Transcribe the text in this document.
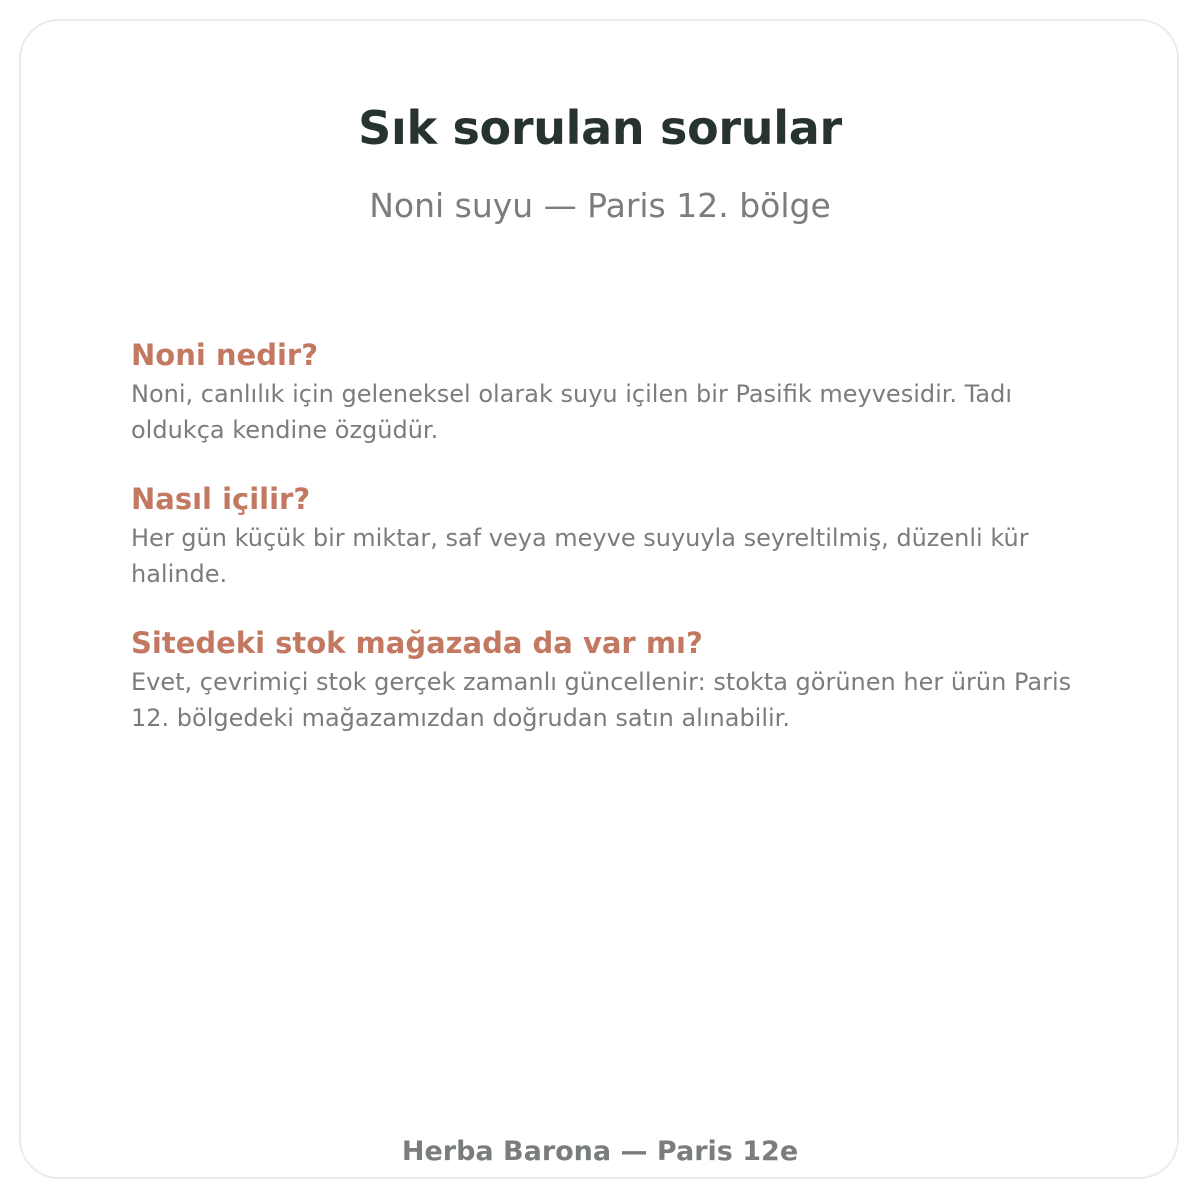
Sık sorulan sorular
Noni suyu — Paris 12. bölge
Noni nedir?

Noni, canlılık için geleneksel olarak suyu içilen bir Pasifik meyvesidir. Tadı oldukça kendine özgüdür.

Nasıl içilir?

Her gün küçük bir miktar, saf veya meyve suyuyla seyreltilmiş, düzenli kür halinde.

Sitedeki stok mağazada da var mı?

Evet, çevrimiçi stok gerçek zamanlı güncellenir: stokta görünen her ürün Paris 12. bölgedeki mağazamızdan doğrudan satın alınabilir.

Herba Barona — Paris 12e
